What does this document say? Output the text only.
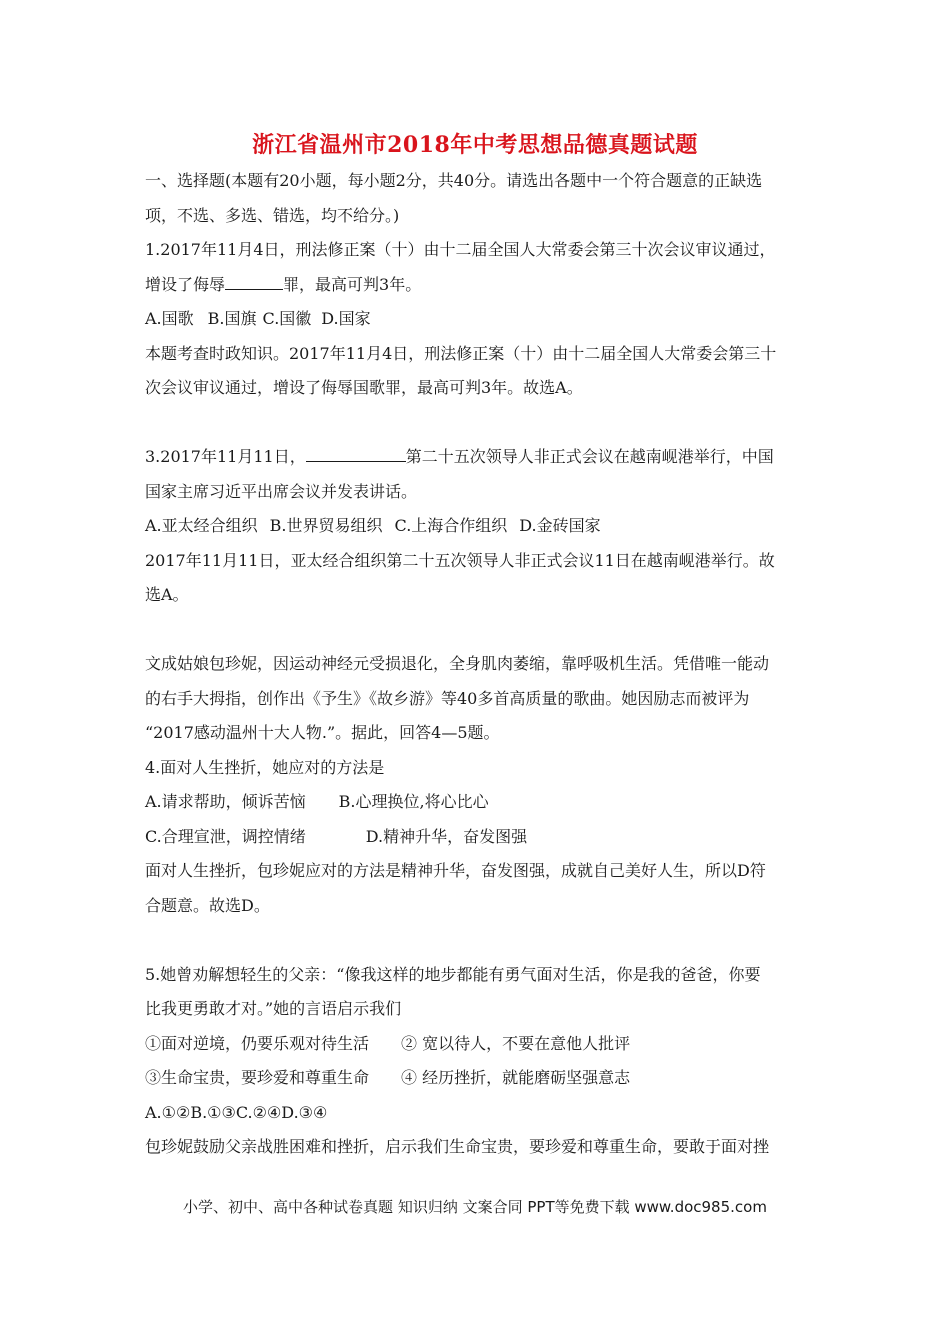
浙江省温州市2018年中考思想品德真题试题

一、选择题(本题有20小题，每小题2分，共40分。请选出各题中一个符合题意的正缺选

项，不选、多选、错选，均不给分。)

1.2017年11月4日，刑法修正案（十）由十二届全国人大常委会第三十次会议审议通过，

增设了侮辱	罪，最高可判3年。

A.国歌 B.国旗 C.国徽 D.国家

本题考查时政知识。2017年11月4日，刑法修正案（十）由十二届全国人大常委会第三十

次会议审议通过，增设了侮辱国歌罪，最高可判3年。故选A。

3.2017年11月11日，	第二十五次领导人非正式会议在越南岘港举行，中国

国家主席习近平出席会议并发表讲话。

A.亚太经合组织 B.世界贸易组织 C.上海合作组织 D.金砖国家

2017年11月11日，亚太经合组织第二十五次领导人非正式会议11日在越南岘港举行。故

选A。

文成姑娘包珍妮，因运动神经元受损退化，全身肌肉萎缩，靠呼吸机生活。凭借唯一能动

的右手大拇指，创作出《予生》《故乡游》等40多首高质量的歌曲。她因励志而被评为

“2017感动温州十大人物.”。据此，回答4—5题。

4.面对人生挫折，她应对的方法是

A.请求帮助，倾诉苦恼 B.心理换位,将心比心

C.合理宣泄，调控情绪	D.精神升华，奋发图强

面对人生挫折，包珍妮应对的方法是精神升华，奋发图强，成就自己美好人生，所以D符

合题意。故选D。

5.她曾劝解想轻生的父亲：“像我这样的地步都能有勇气面对生活，你是我的爸爸，你要

比我更勇敢才对。”她的言语启示我们

①面对逆境，仍要乐观对待生活 ② 宽以待人，不要在意他人批评

③生命宝贵，要珍爱和尊重生命 ④ 经历挫折，就能磨砺坚强意志

A.①②B.①③C.②④D.③④

包珍妮鼓励父亲战胜困难和挫折，启示我们生命宝贵，要珍爱和尊重生命，要敢于面对挫

小学、初中、高中各种试卷真题 知识归纳 文案合同 PPT等免费下载 www.doc985.com
